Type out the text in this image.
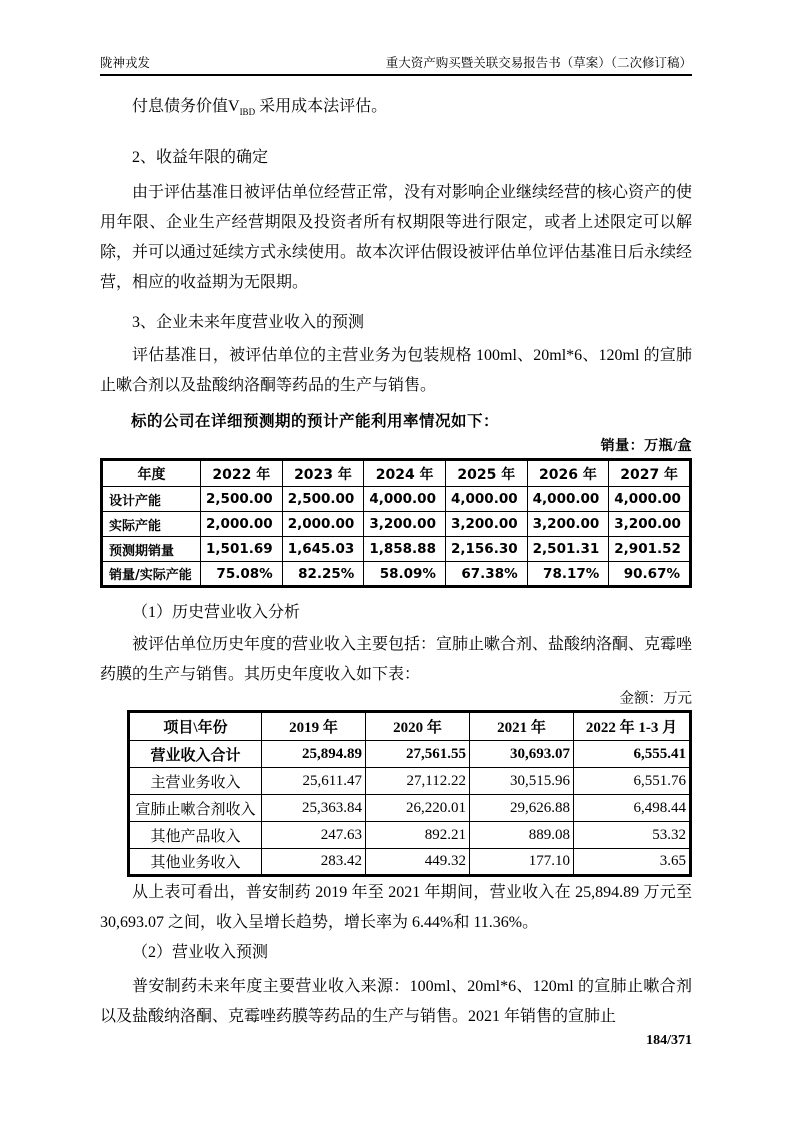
陇神戎发	重大资产购买暨关联交易报告书（草案）（二次修订稿）

付息债务价值$V_{IBD}$ 采用成本法评估。

2、收益年限的确定

由于评估基准日被评估单位经营正常，没有对影响企业继续经营的核心资产的使用年限、企业生产经营期限及投资者所有权期限等进行限定，或者上述限定可以解除，并可以通过延续方式永续使用。故本次评估假设被评估单位评估基准日后永续经营，相应的收益期为无限期。

3、企业未来年度营业收入的预测

评估基准日，被评估单位的主营业务为包装规格 100ml、20ml*6、120ml 的宣肺止嗽合剂以及盐酸纳洛酮等药品的生产与销售。

标的公司在详细预测期的预计产能利用率情况如下：
销量：万瓶/盒
年度	2022 年	2023 年	2024 年	2025 年	2026 年	2027 年
设计产能	2,500.00	2,500.00	4,000.00	4,000.00	4,000.00	4,000.00
实际产能	2,000.00	2,000.00	3,200.00	3,200.00	3,200.00	3,200.00
预测期销量	1,501.69	1,645.03	1,858.88	2,156.30	2,501.31	2,901.52
销量/实际产能	75.08%	82.25%	58.09%	67.38%	78.17%	90.67%
（1）历史营业收入分析

被评估单位历史年度的营业收入主要包括：宣肺止嗽合剂、盐酸纳洛酮、克霉唑药膜的生产与销售。其历史年度收入如下表：

金额：万元
项目\年份	2019 年	2020 年	2021 年	2022 年 1-3 月
营业收入合计	25,894.89	27,561.55	30,693.07	6,555.41
主营业务收入	25,611.47	27,112.22	30,515.96	6,551.76
宣肺止嗽合剂收入	25,363.84	26,220.01	29,626.88	6,498.44
其他产品收入	247.63	892.21	889.08	53.32
其他业务收入	283.42	449.32	177.10	3.65

从上表可看出，普安制药 2019 年至 2021 年期间，营业收入在 25,894.89 万元至 30,693.07 之间，收入呈增长趋势，增长率为 6.44%和 11.36%。

（2）营业收入预测

普安制药未来年度主要营业收入来源：100ml、20ml*6、120ml 的宣肺止嗽合剂以及盐酸纳洛酮、克霉唑药膜等药品的生产与销售。2021 年销售的宣肺止

184/371
